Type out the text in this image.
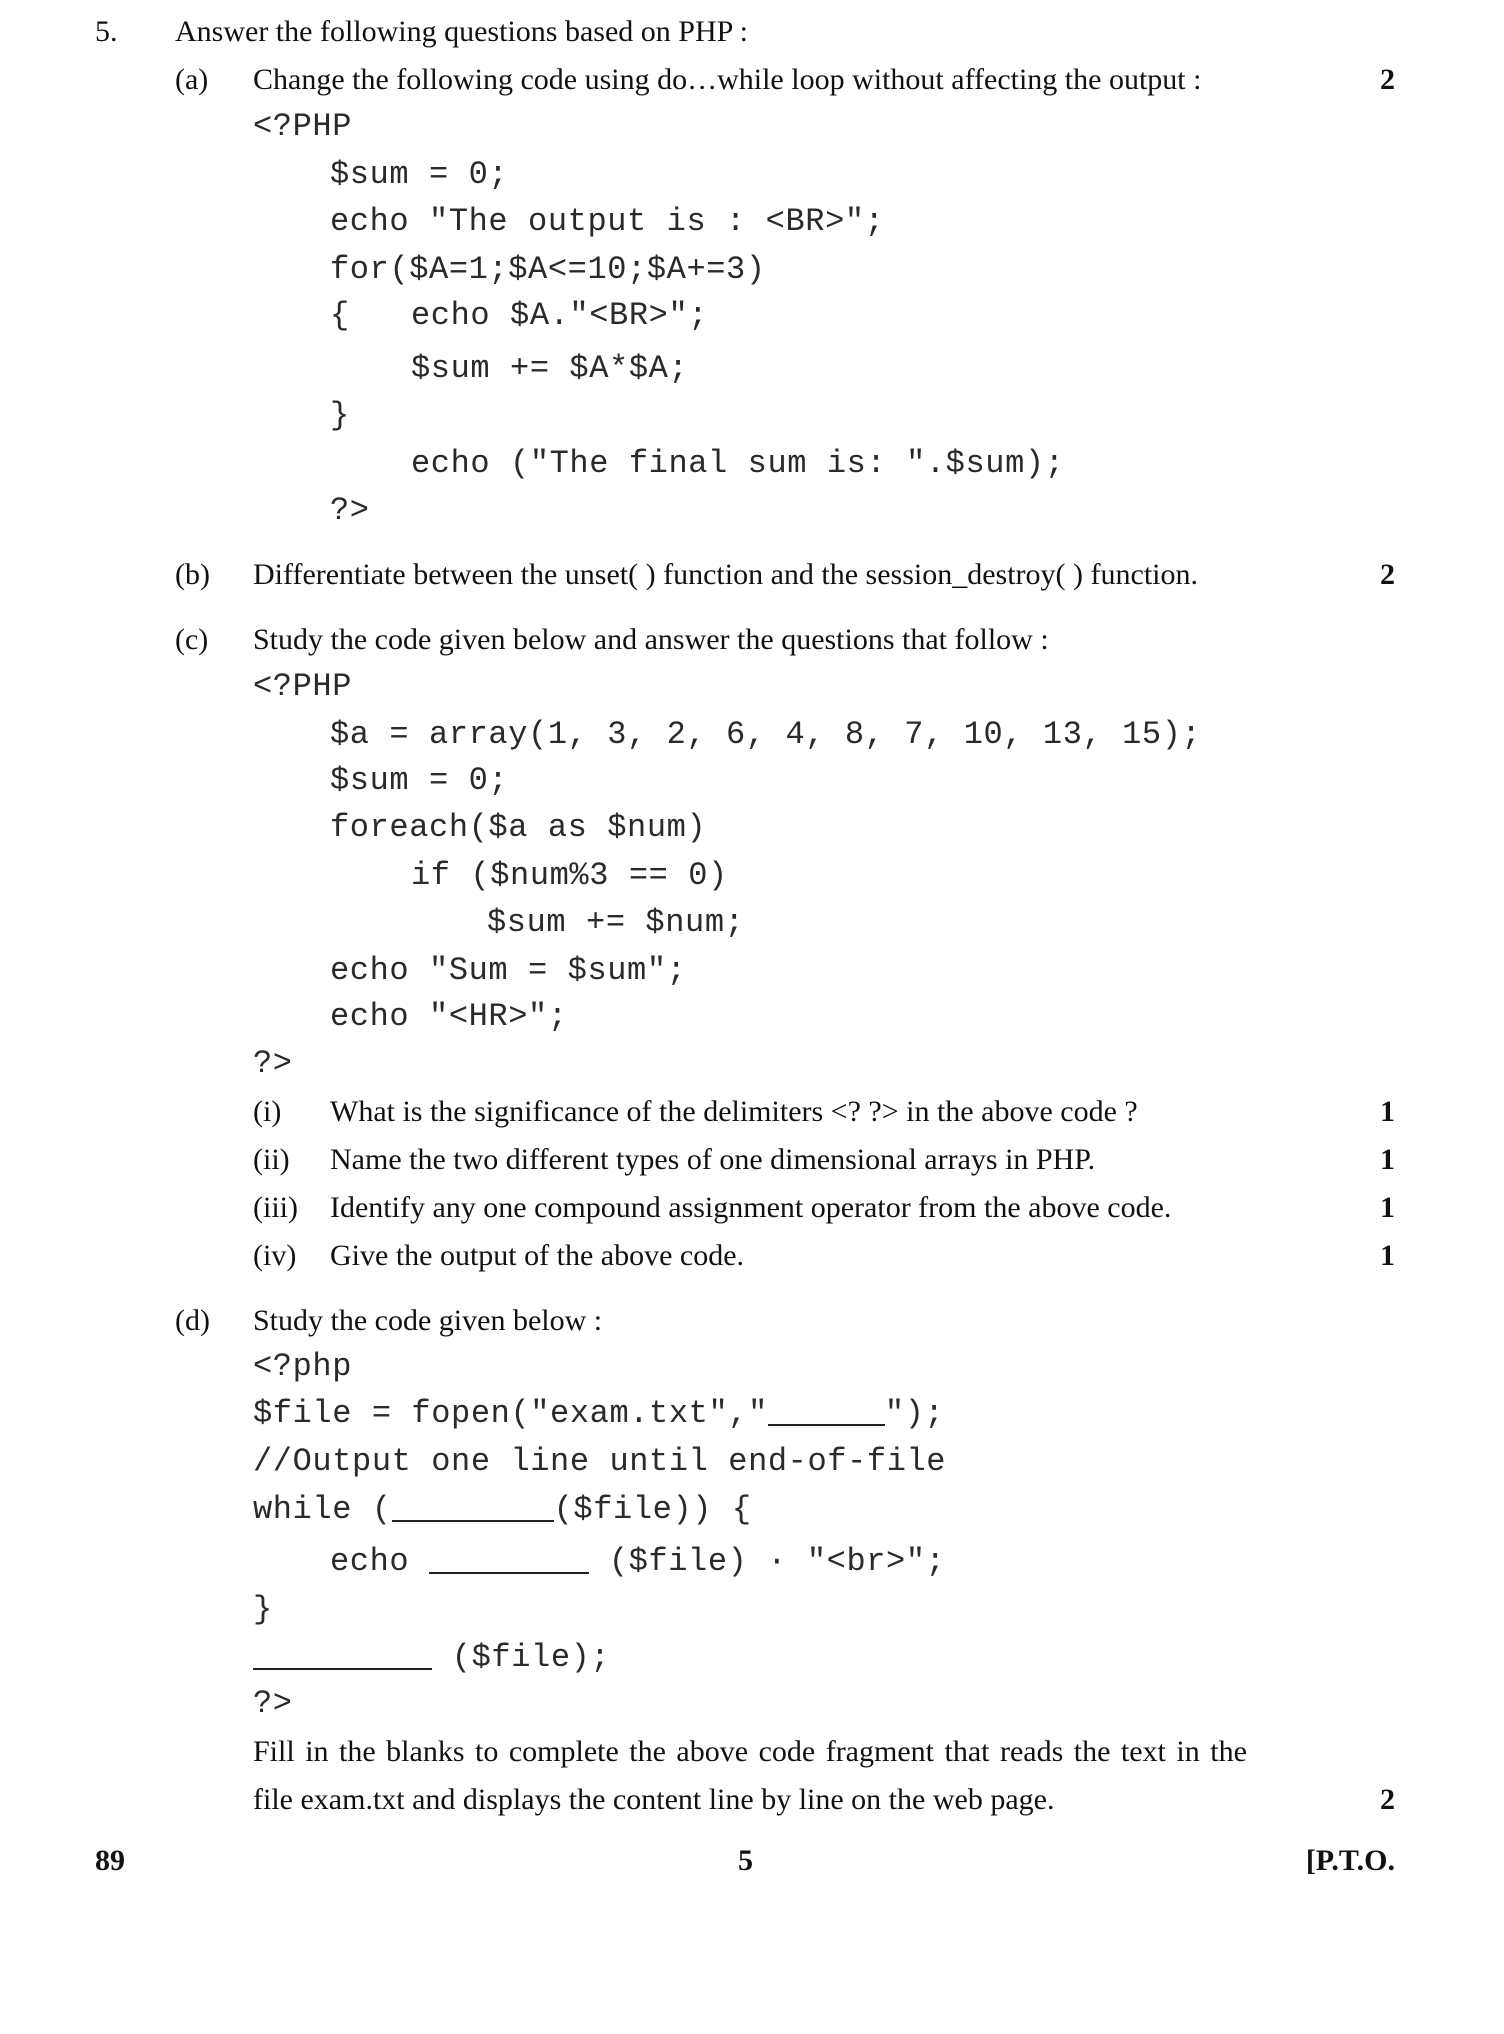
5. Answer the following questions based on PHP :
(a) Change the following code using do…while loop without affecting the output :	2
<?PHP
$sum = 0;
echo "The output is : <BR>";
for($A=1;$A<=10;$A+=3)
{ echo $A."<BR>";
$sum += $A*$A;
}
echo ("The final sum is: ".$sum);
?>
(b) Differentiate between the unset( ) function and the session_destroy( ) function.	2
(c) Study the code given below and answer the questions that follow :
<?PHP
$a = array(1, 3, 2, 6, 4, 8, 7, 10, 13, 15);
$sum = 0;
foreach($a as $num)
if ($num%3 == 0)
$sum += $num;
echo "Sum = $sum";
echo "<HR>";
?>
(i) What is the significance of the delimiters <? ?> in the above code ?	1
(ii) Name the two different types of one dimensional arrays in PHP.	1
(iii) Identify any one compound assignment operator from the above code.	1
(iv) Give the output of the above code.	1
(d) Study the code given below :
<?php
$file = fopen("exam.txt","	");
//Output one line until end-of-file
while (	($file)) {
echo	($file) · "<br>";
}
($file);
?>
Fill in the blanks to complete the above code fragment that reads the text in the
file exam.txt and displays the content line by line on the web page.	2
89	5	[P.T.O.
